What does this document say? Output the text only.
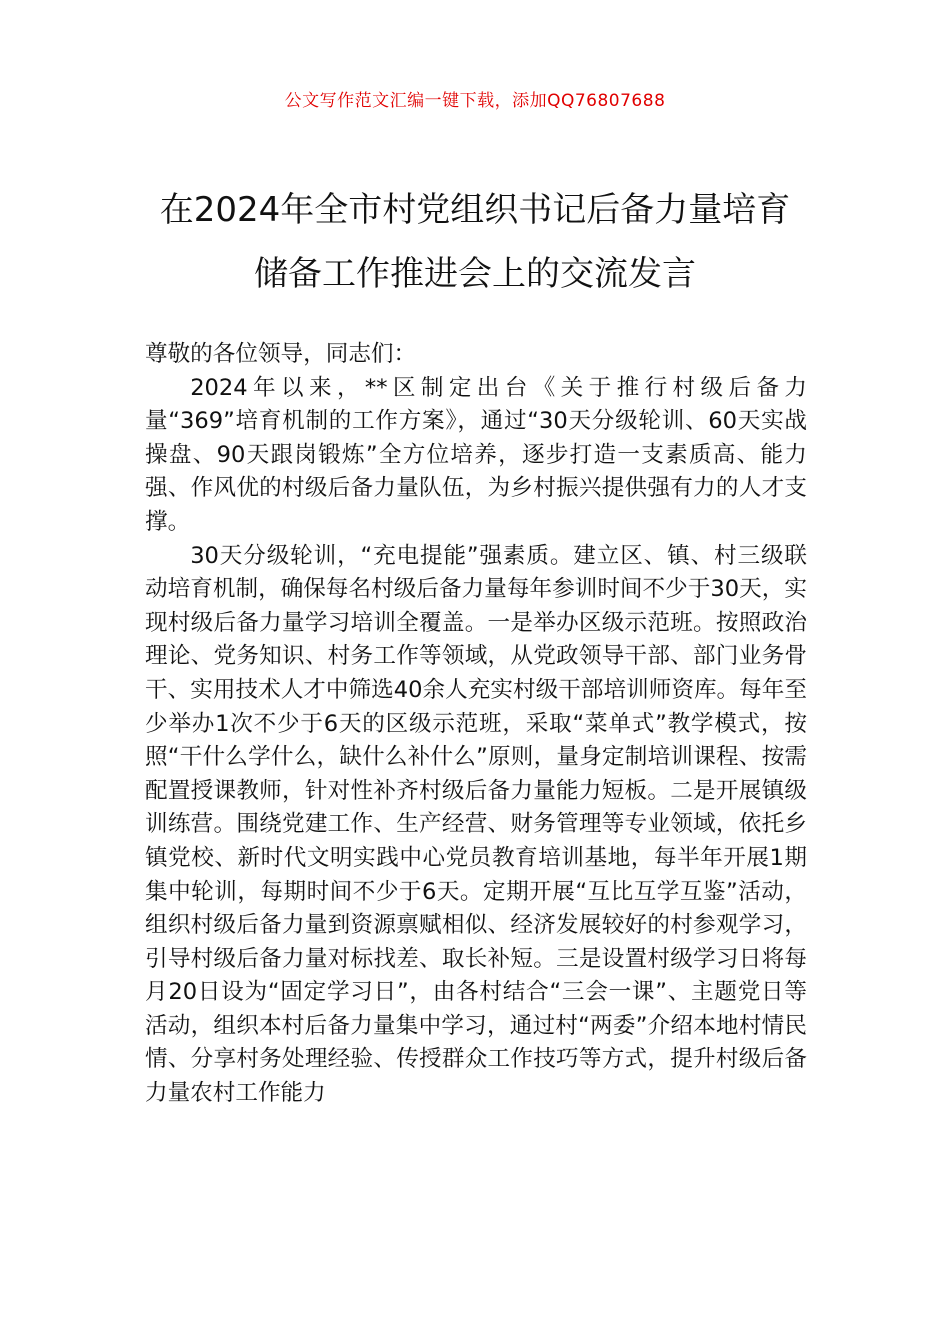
公文写作范文汇编一键下载，添加QQ76807688
在2024年全市村党组织书记后备力量培育
储备工作推进会上的交流发言

尊敬的各位领导，同志们：

2024年以来，**区制定出台《关于推行村级后备力量“369”培育机制的工作方案》，通过“30天分级轮训、60天实战操盘、90天跟岗锻炼”全方位培养，逐步打造一支素质高、能力强、作风优的村级后备力量队伍，为乡村振兴提供强有力的人才支撑。

30天分级轮训，“充电提能”强素质。建立区、镇、村三级联动培育机制，确保每名村级后备力量每年参训时间不少于30天，实现村级后备力量学习培训全覆盖。一是举办区级示范班。按照政治理论、党务知识、村务工作等领域，从党政领导干部、部门业务骨干、实用技术人才中筛选40余人充实村级干部培训师资库。每年至少举办1次不少于6天的区级示范班，采取“菜单式”教学模式，按照“干什么学什么，缺什么补什么”原则，量身定制培训课程、按需配置授课教师，针对性补齐村级后备力量能力短板。二是开展镇级训练营。围绕党建工作、生产经营、财务管理等专业领域，依托乡镇党校、新时代文明实践中心党员教育培训基地，每半年开展1期集中轮训，每期时间不少于6天。定期开展“互比互学互鉴”活动，组织村级后备力量到资源禀赋相似、经济发展较好的村参观学习，引导村级后备力量对标找差、取长补短。三是设置村级学习日将每月20日设为“固定学习日”，由各村结合“三会一课”、主题党日等活动，组织本村后备力量集中学习，通过村“两委”介绍本地村情民情、分享村务处理经验、传授群众工作技巧等方式，提升村级后备力量农村工作能力
